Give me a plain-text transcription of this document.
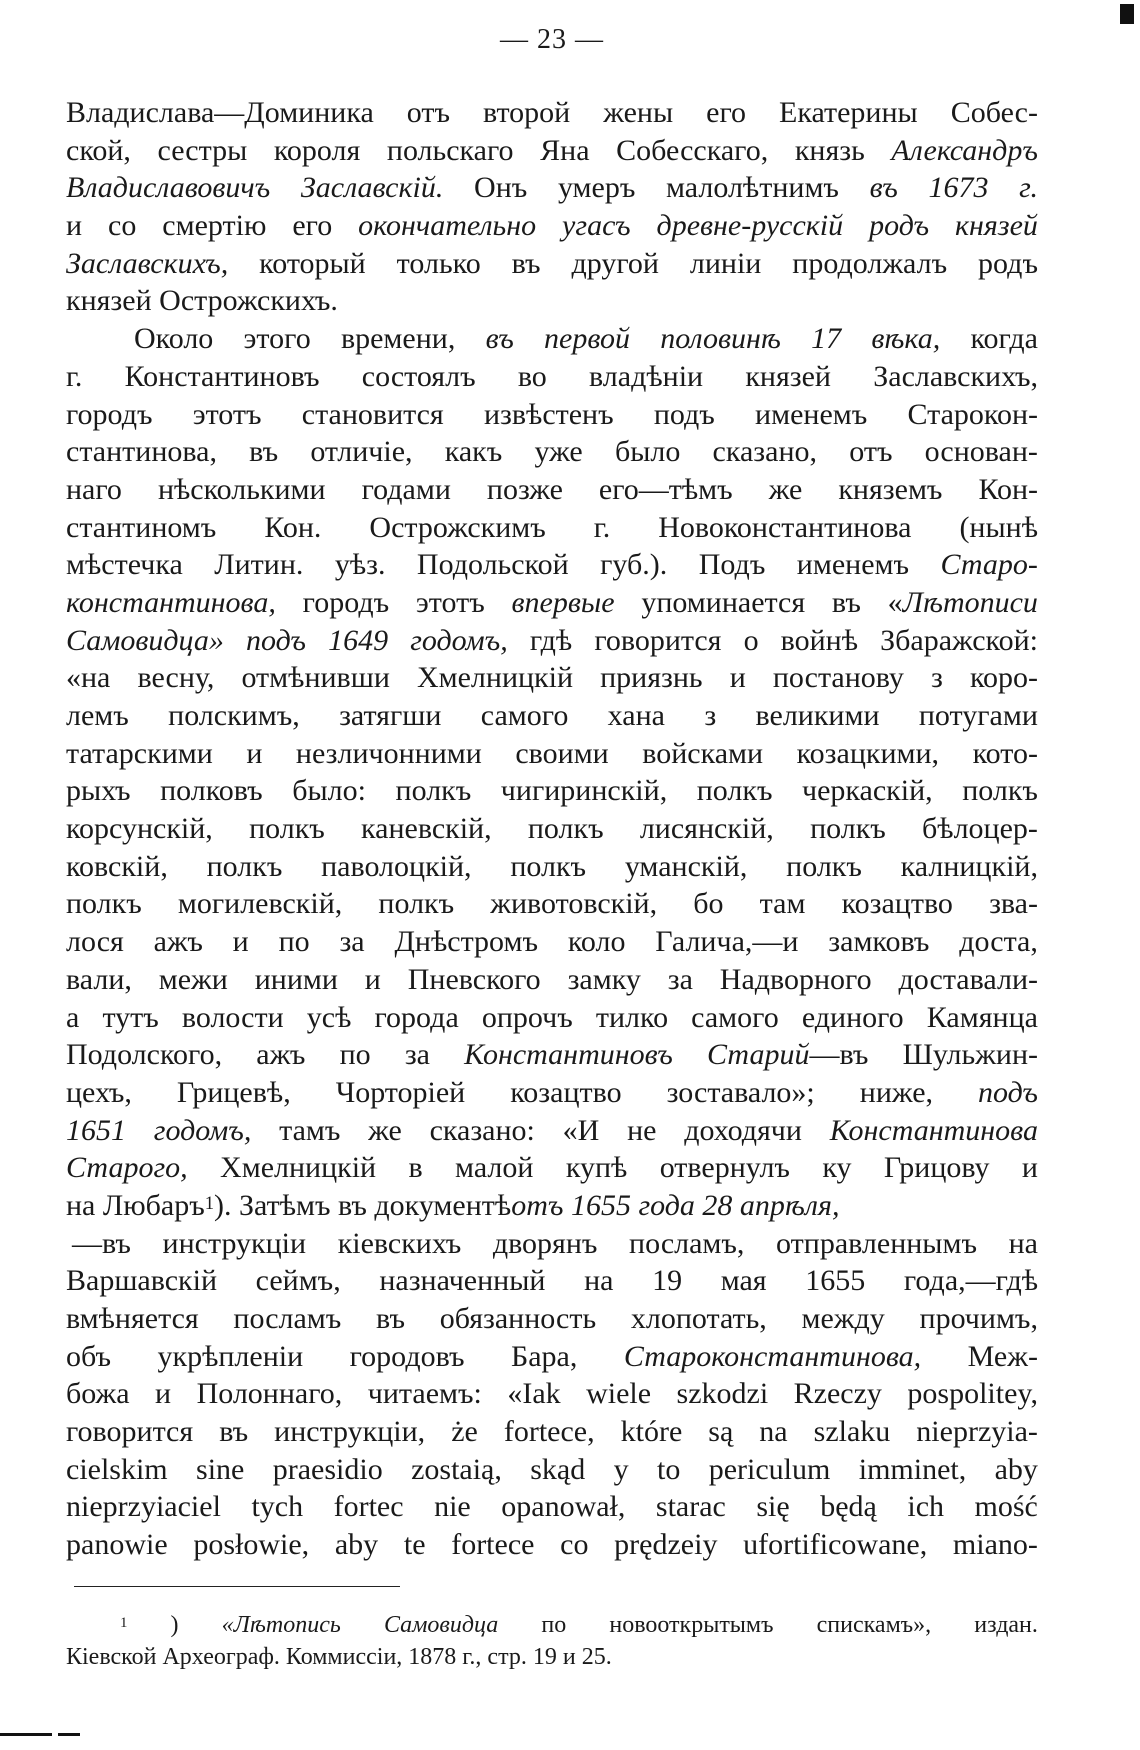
— 23 —
Владислава—Доминика отъ второй жены его Екатерины Собес-
ской, сестры короля польскаго Яна Собесскаго, князь Александръ
Владиславовичъ Заславскій. Онъ умеръ малолѣтнимъ въ 1673 г.
и со смертію его окончательно угасъ древне-русскій родъ князей
Заславскихъ, который только въ другой линіи продолжалъ родъ
князей Острожскихъ.
Около этого времени, въ первой половинѣ 17 вѣка, когда
г. Константиновъ состоялъ во владѣніи князей Заславскихъ,
городъ этотъ становится извѣстенъ подъ именемъ Старокон-
стантинова, въ отличіе, какъ уже было сказано, отъ основан-
наго нѣсколькими годами позже его—тѣмъ же княземъ Кон-
стантиномъ Кон. Острожскимъ г. Новоконстантинова (нынѣ
мѣстечка Литин. уѣз. Подольской губ.). Подъ именемъ Старо-
константинова, городъ этотъ впервые упоминается въ «Лѣтописи
Самовидца» подъ 1649 годомъ, гдѣ говорится о войнѣ Збаражской:
«на весну, отмѣнивши Хмелницкій приязнь и постанову з коро-
лемъ полскимъ, затягши самого хана з великими потугами
татарскими и незличонними своими войсками козацкими, кото-
рыхъ полковъ было: полкъ чигиринскій, полкъ черкаскій, полкъ
корсунскій, полкъ каневскій, полкъ лисянскій, полкъ бѣлоцер-
ковскій, полкъ паволоцкій, полкъ уманскій, полкъ калницкій,
полкъ могилевскій, полкъ животовскій, бо там козацтво зва-
лося ажъ и по за Днѣстромъ коло Галича,—и замковъ доста,
вали, межи иними и Пневского замку за Надворного доставали-
а тутъ волости усѣ города опрочъ тилко самого единого Камянца
Подолского, ажъ по за Константиновъ Старий—въ Шульжин-
цехъ, Грицевѣ, Чорторіей козацтво зоставало»; ниже, подъ
1651 годомъ, тамъ же сказано: «И не доходячи Константинова
Старого, Хмелницкій в малой купѣ отвернулъ ку Грицову и
на Любаръ 1 ). Затѣмъ въ документѣ отъ 1655 года 28 апрѣля,
—въ инструкціи кіевскихъ дворянъ посламъ, отправленнымъ на
Варшавскій сеймъ, назначенный на 19 мая 1655 года,—гдѣ
вмѣняется посламъ въ обязанность хлопотать, между прочимъ,
объ укрѣпленіи городовъ Бара, Староконстантинова, Меж-
божа и Полоннаго, читаемъ: «Iak wiele szkodzi Rzeczy pospolitey,
говорится въ инструкціи, że fortece, które są na szlaku nieprzyia-
cielskim sine praesidio zostaią, skąd y to periculum imminet, aby
nieprzyiaciel tych fortec nie opanował, starac się będą ich mość
panowie posłowie, aby te fortece co prędzeiy ufortificowane, miano-
1 ) «Лѣтопись Самовидца по новооткрытымъ спискамъ», издан.
Кіевской Археограф. Коммиссіи, 1878 г., стр. 19 и 25.
